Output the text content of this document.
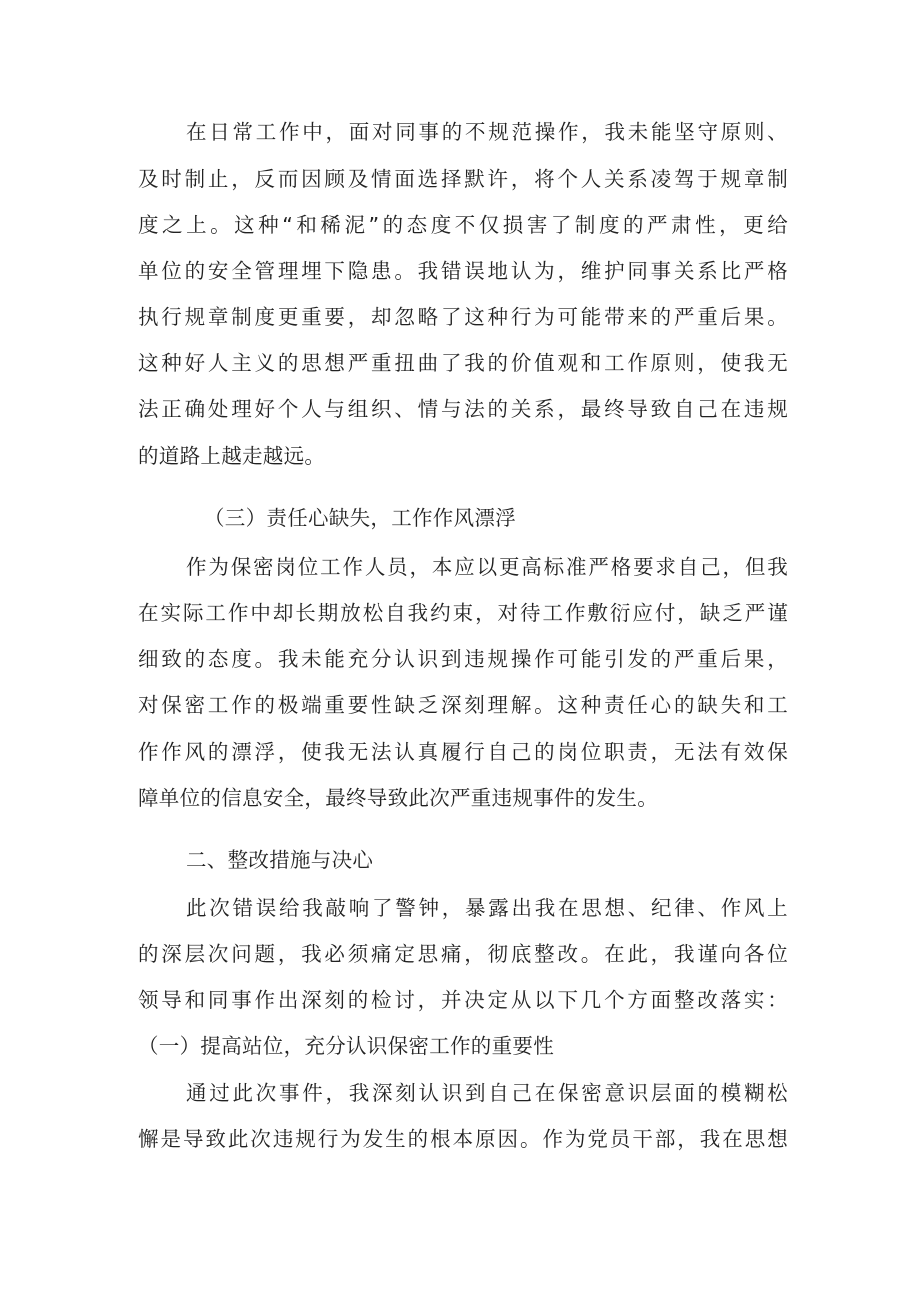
在日常工作中，面对同事的不规范操作，我未能坚守原则、
及时制止，反而因顾及情面选择默许，将个人关系凌驾于规章制
度之上。这种“和稀泥”的态度不仅损害了制度的严肃性，更给
单位的安全管理埋下隐患。我错误地认为，维护同事关系比严格
执行规章制度更重要，却忽略了这种行为可能带来的严重后果。
这种好人主义的思想严重扭曲了我的价值观和工作原则，使我无
法正确处理好个人与组织、情与法的关系，最终导致自己在违规
的道路上越走越远。
（三）责任心缺失，工作作风漂浮
作为保密岗位工作人员，本应以更高标准严格要求自己，但我
在实际工作中却长期放松自我约束，对待工作敷衍应付，缺乏严谨
细致的态度。我未能充分认识到违规操作可能引发的严重后果，
对保密工作的极端重要性缺乏深刻理解。这种责任心的缺失和工
作作风的漂浮，使我无法认真履行自己的岗位职责，无法有效保
障单位的信息安全，最终导致此次严重违规事件的发生。
二、整改措施与决心
此次错误给我敲响了警钟，暴露出我在思想、纪律、作风上
的深层次问题，我必须痛定思痛，彻底整改。在此，我谨向各位
领导和同事作出深刻的检讨，并决定从以下几个方面整改落实：
（一）提高站位，充分认识保密工作的重要性
通过此次事件，我深刻认识到自己在保密意识层面的模糊松
懈是导致此次违规行为发生的根本原因。作为党员干部，我在思想
